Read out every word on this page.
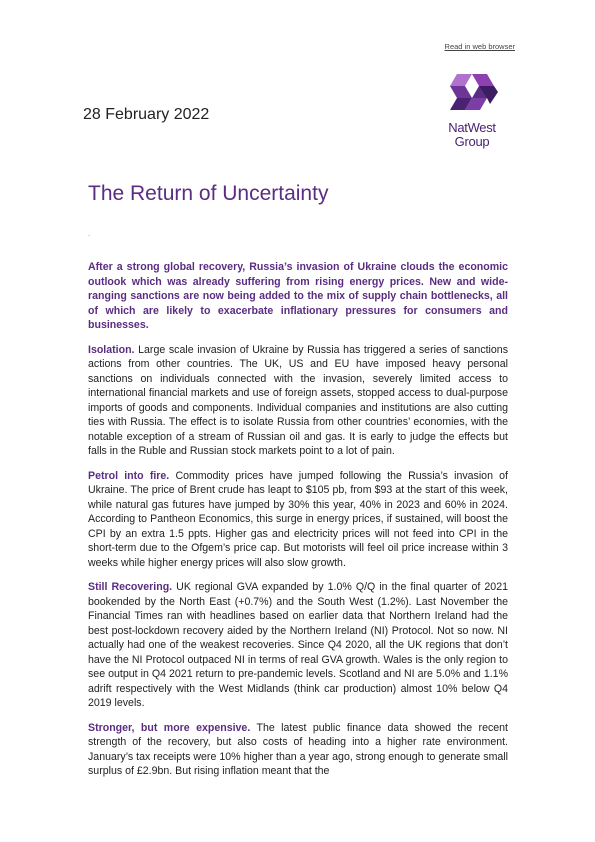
Read in web browser
28 February 2022
NatWest
Group
The Return of Uncertainty
.

After a strong global recovery, Russia’s invasion of Ukraine clouds the economic outlook which was already suffering from rising energy prices. New and wide-ranging sanctions are now being added to the mix of supply chain bottlenecks, all of which are likely to exacerbate inflationary pressures for consumers and businesses.

Isolation. Large scale invasion of Ukraine by Russia has triggered a series of sanctions actions from other countries. The UK, US and EU have imposed heavy personal sanctions on individuals connected with the invasion, severely limited access to international financial markets and use of foreign assets, stopped access to dual-purpose imports of goods and components. Individual companies and institutions are also cutting ties with Russia. The effect is to isolate Russia from other countries’ economies, with the notable exception of a stream of Russian oil and gas. It is early to judge the effects but falls in the Ruble and Russian stock markets point to a lot of pain.

Petrol into fire. Commodity prices have jumped following the Russia’s invasion of Ukraine. The price of Brent crude has leapt to $105 pb, from $93 at the start of this week, while natural gas futures have jumped by 30% this year, 40% in 2023 and 60% in 2024. According to Pantheon Economics, this surge in energy prices, if sustained, will boost the CPI by an extra 1.5 ppts. Higher gas and electricity prices will not feed into CPI in the short-term due to the Ofgem’s price cap. But motorists will feel oil price increase within 3 weeks while higher energy prices will also slow growth.

Still Recovering. UK regional GVA expanded by 1.0% Q/Q in the final quarter of 2021 bookended by the North East (+0.7%) and the South West (1.2%). Last November the Financial Times ran with headlines based on earlier data that Northern Ireland had the best post-lockdown recovery aided by the Northern Ireland (NI) Protocol. Not so now. NI actually had one of the weakest recoveries. Since Q4 2020, all the UK regions that don’t have the NI Protocol outpaced NI in terms of real GVA growth. Wales is the only region to see output in Q4 2021 return to pre-pandemic levels. Scotland and NI are 5.0% and 1.1% adrift respectively with the West Midlands (think car production) almost 10% below Q4 2019 levels.

Stronger, but more expensive. The latest public finance data showed the recent strength of the recovery, but also costs of heading into a higher rate environment. January’s tax receipts were 10% higher than a year ago, strong enough to generate small surplus of £2.9bn. But rising inflation meant that the
